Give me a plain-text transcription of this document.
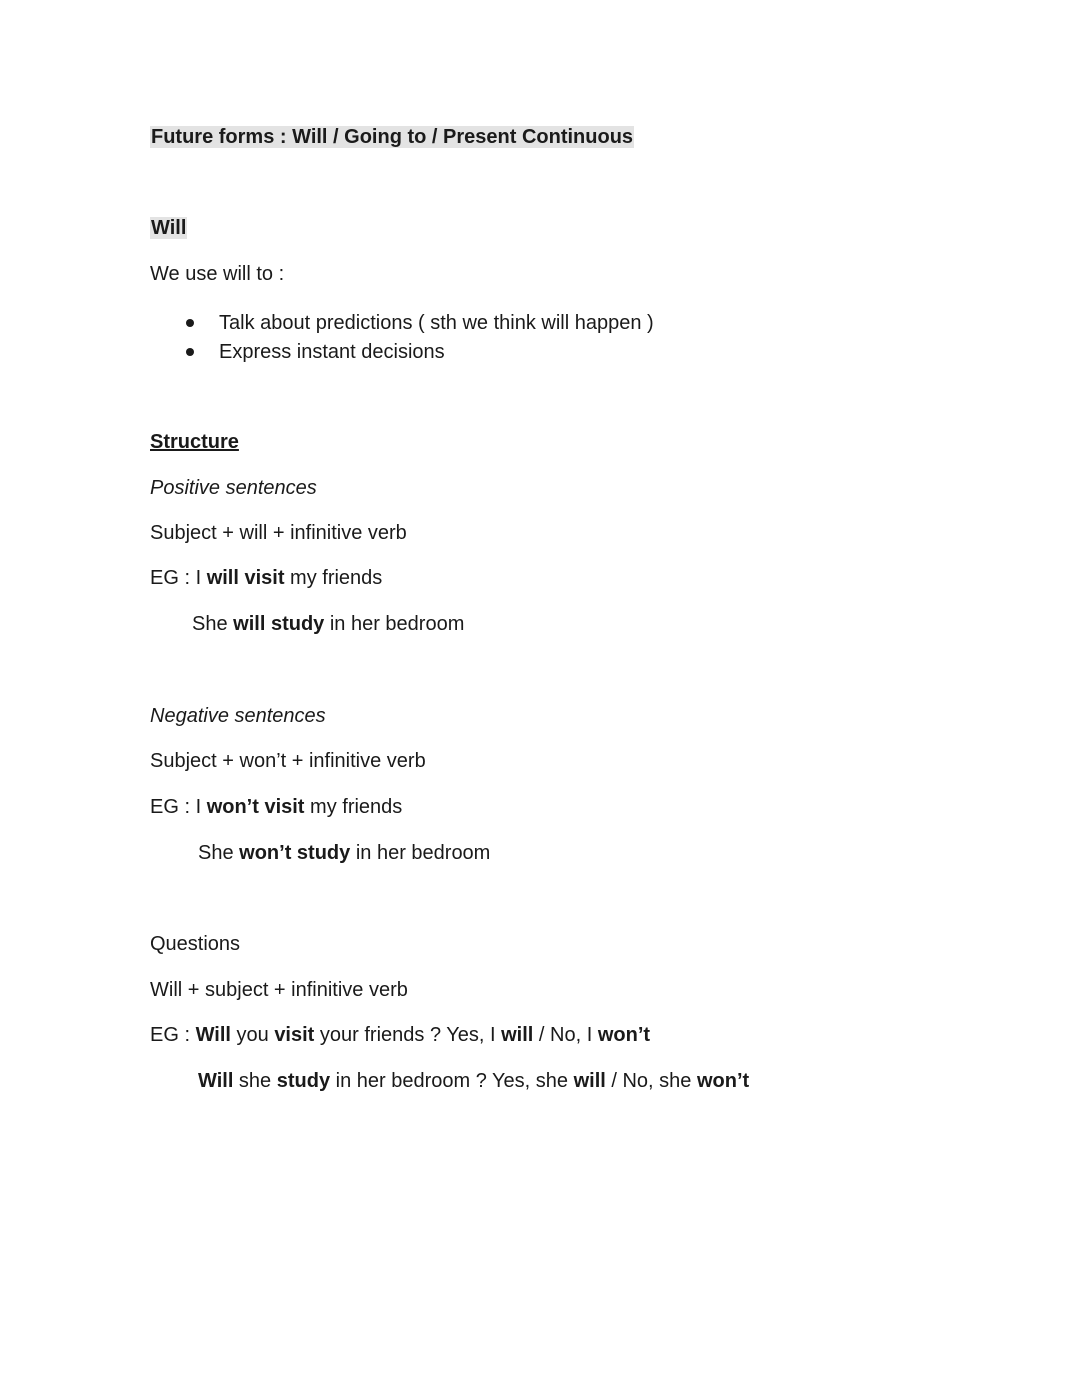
Future forms : Will / Going to / Present Continuous
Will
We use will to :
Talk about predictions ( sth we think will happen )
Express instant decisions
Structure
Positive sentences
Subject + will + infinitive verb
EG : I will visit my friends
She will study in her bedroom
Negative sentences
Subject + won’t + infinitive verb
EG : I won’t visit my friends
She won’t study in her bedroom
Questions
Will + subject + infinitive verb
EG : Will you visit your friends ? Yes, I will / No, I won’t
Will she study in her bedroom ? Yes, she will / No, she won’t
